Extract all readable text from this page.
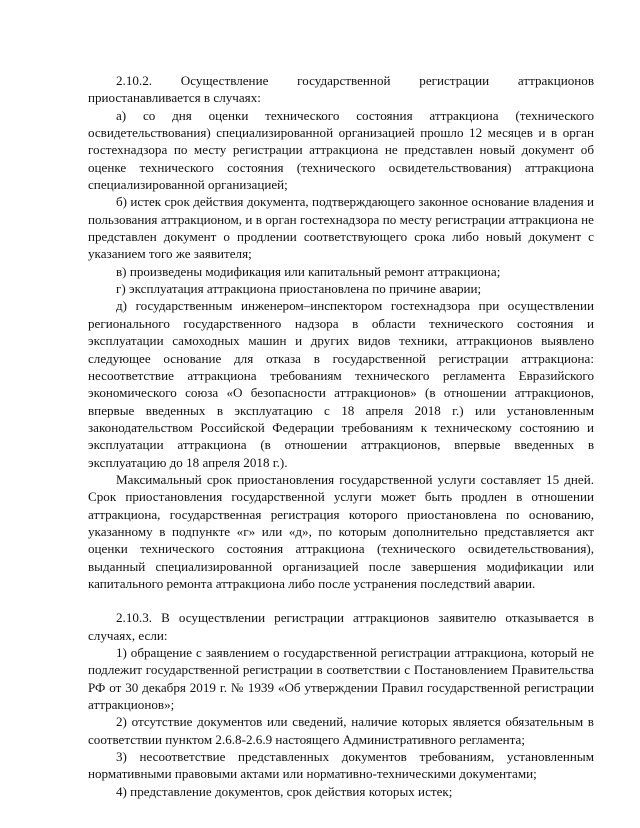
2.10.2. Осуществление государственной регистрации аттракционов приостанавливается в случаях:

а) со дня оценки технического состояния аттракциона (технического освидетельствования) специализированной организацией прошло 12 месяцев и в орган гостехнадзора по месту регистрации аттракциона не представлен новый документ об оценке технического состояния (технического освидетельствования) аттракциона специализированной организацией;

б) истек срок действия документа, подтверждающего законное основание владения и пользования аттракционом, и в орган гостехнадзора по месту регистрации аттракциона не представлен документ о продлении соответствующего срока либо новый документ с указанием того же заявителя;

в) произведены модификация или капитальный ремонт аттракциона;

г) эксплуатация аттракциона приостановлена по причине аварии;

д) государственным инженером–инспектором гостехнадзора при осуществлении регионального государственного надзора в области технического состояния и эксплуатации самоходных машин и других видов техники, аттракционов выявлено следующее основание для отказа в государственной регистрации аттракциона: несоответствие аттракциона требованиям технического регламента Евразийского экономического союза «О безопасности аттракционов» (в отношении аттракционов, впервые введенных в эксплуатацию с 18 апреля 2018 г.) или установленным законодательством Российской Федерации требованиям к техническому состоянию и эксплуатации аттракциона (в отношении аттракционов, впервые введенных в эксплуатацию до 18 апреля 2018 г.).

Максимальный срок приостановления государственной услуги составляет 15 дней. Срок приостановления государственной услуги может быть продлен в отношении аттракциона, государственная регистрация которого приостановлена по основанию, указанному в подпункте «г» или «д», по которым дополнительно представляется акт оценки технического состояния аттракциона (технического освидетельствования), выданный специализированной организацией после завершения модификации или капитального ремонта аттракциона либо после устранения последствий аварии.

2.10.3. В осуществлении регистрации аттракционов заявителю отказывается в случаях, если:

1) обращение с заявлением о государственной регистрации аттракциона, который не подлежит государственной регистрации в соответствии с Постановлением Правительства РФ от 30 декабря 2019 г. № 1939 «Об утверждении Правил государственной регистрации аттракционов»;

2) отсутствие документов или сведений, наличие которых является обязательным в соответствии пунктом 2.6.8-2.6.9 настоящего Административного регламента;

3) несоответствие представленных документов требованиям, установленным нормативными правовыми актами или нормативно-техническими документами;

4) представление документов, срок действия которых истек;
